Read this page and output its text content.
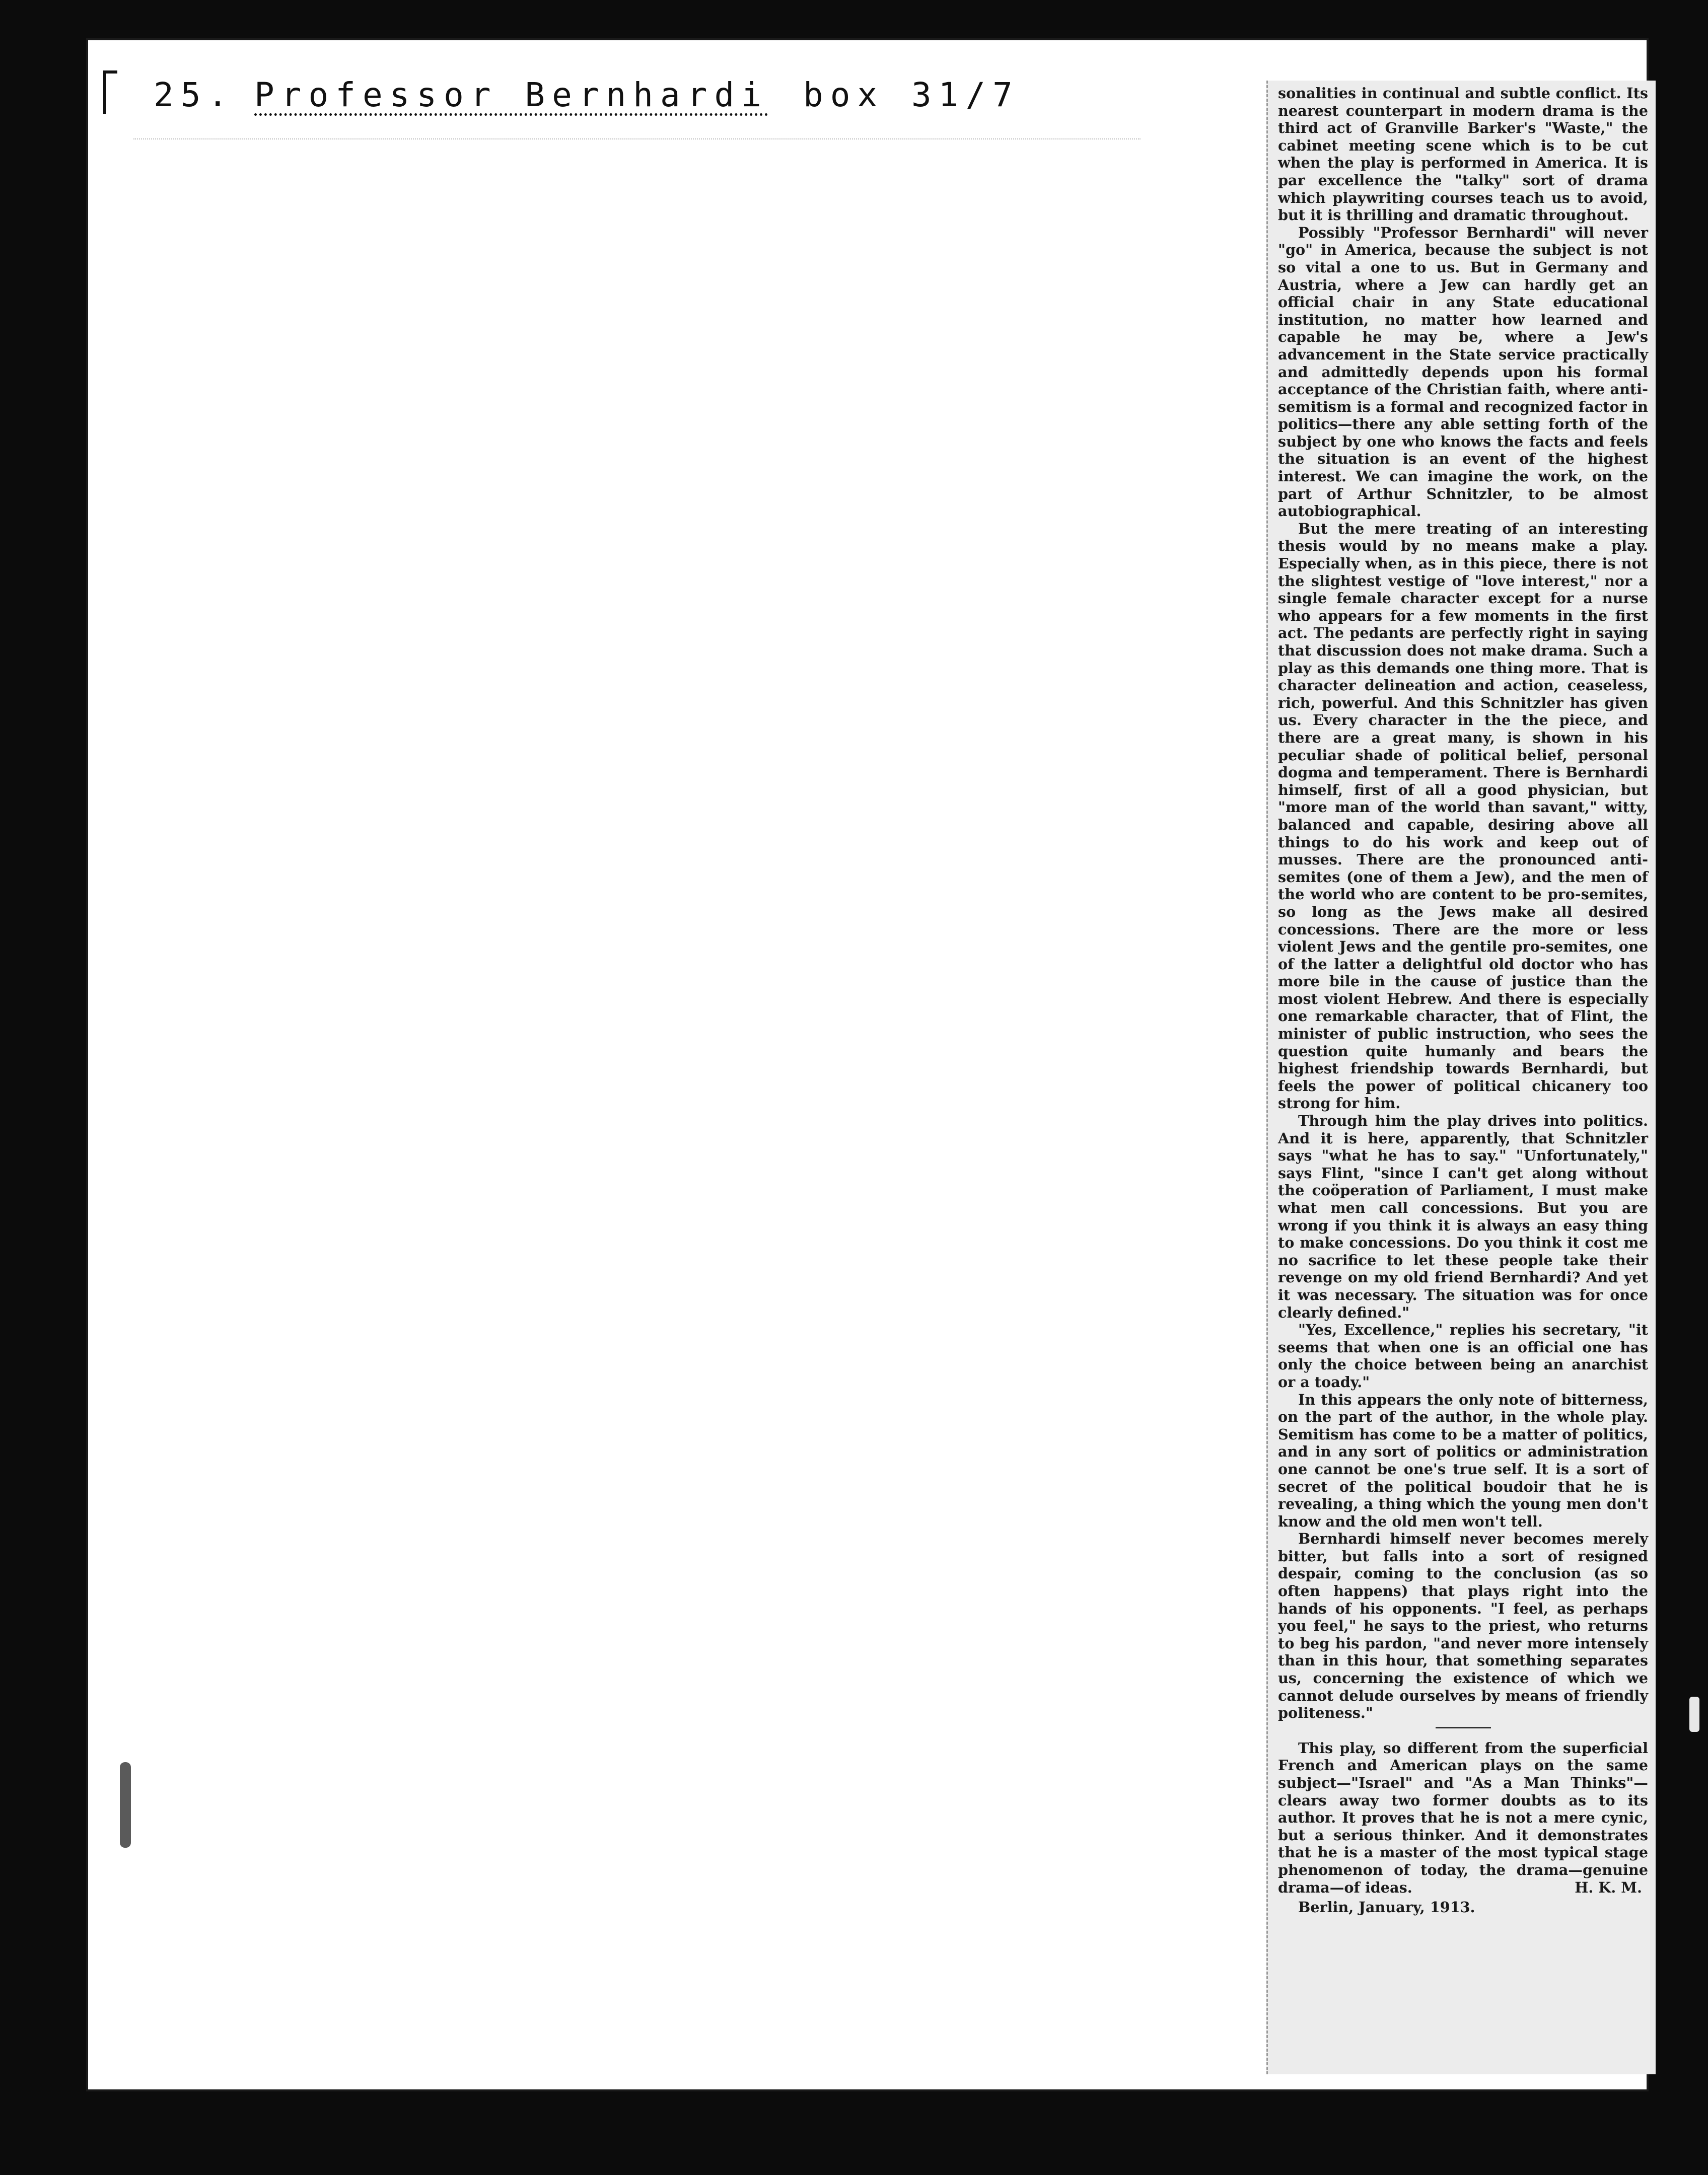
25. Professor Bernhardi box 31/7	sonalities in continual and subtle conflict. Its nearest counterpart in modern drama is the third act of Granville Barker's "Waste," the cabinet meeting scene which is to be cut when the play is performed in America. It is par excellence the "talky" sort of drama which playwriting courses teach us to avoid, but it is thrilling and dramatic throughout.

Possibly "Professor Bernhardi" will never "go" in America, because the subject is not so vital a one to us. But in Germany and Austria, where a Jew can hardly get an official chair in any State educational institution, no matter how learned and capable he may be, where a Jew's advancement in the State service practically and admittedly depends upon his formal acceptance of the Christian faith, where anti-semitism is a formal and recognized factor in politics—there any able setting forth of the subject by one who knows the facts and feels the situation is an event of the highest interest. We can imagine the work, on the part of Arthur Schnitzler, to be almost autobiographical.

But the mere treating of an interesting thesis would by no means make a play. Especially when, as in this piece, there is not the slightest vestige of "love interest," nor a single female character except for a nurse who appears for a few moments in the first act. The pedants are perfectly right in saying that discussion does not make drama. Such a play as this demands one thing more. That is character delineation and action, ceaseless, rich, powerful. And this Schnitzler has given us. Every character in the the piece, and there are a great many, is shown in his peculiar shade of political belief, personal dogma and temperament. There is Bernhardi himself, first of all a good physician, but "more man of the world than savant," witty, balanced and capable, desiring above all things to do his work and keep out of musses. There are the pronounced anti-semites (one of them a Jew), and the men of the world who are content to be pro-semites, so long as the Jews make all desired concessions. There are the more or less violent Jews and the gentile pro-semites, one of the latter a delightful old doctor who has more bile in the cause of justice than the most violent Hebrew. And there is especially one remarkable character, that of Flint, the minister of public instruction, who sees the question quite humanly and bears the highest friendship towards Bernhardi, but feels the power of political chicanery too strong for him.

Through him the play drives into politics. And it is here, apparently, that Schnitzler says "what he has to say." "Unfortunately," says Flint, "since I can't get along without the coöperation of Parliament, I must make what men call concessions. But you are wrong if you think it is always an easy thing to make concessions. Do you think it cost me no sacrifice to let these people take their revenge on my old friend Bernhardi? And yet it was necessary. The situation was for once clearly defined."

"Yes, Excellence," replies his secretary, "it seems that when one is an official one has only the choice between being an anarchist or a toady."

In this appears the only note of bitterness, on the part of the author, in the whole play. Semitism has come to be a matter of politics, and in any sort of politics or administration one cannot be one's true self. It is a sort of secret of the political boudoir that he is revealing, a thing which the young men don't know and the old men won't tell.

Bernhardi himself never becomes merely bitter, but falls into a sort of resigned despair, coming to the conclusion (as so often happens) that plays right into the hands of his opponents. "I feel, as perhaps you feel," he says to the priest, who returns to beg his pardon, "and never more intensely than in this hour, that something separates us, concerning the existence of which we cannot delude ourselves by means of friendly politeness."

This play, so different from the superficial French and American plays on the same subject—"Israel" and "As a Man Thinks"—clears away two former doubts as to its author. It proves that he is not a mere cynic, but a serious thinker. And it demonstrates that he is a master of the most typical stage phenomenon of today, the drama—genuine drama—of ideas.	H. K. M.

Berlin, January, 1913.
